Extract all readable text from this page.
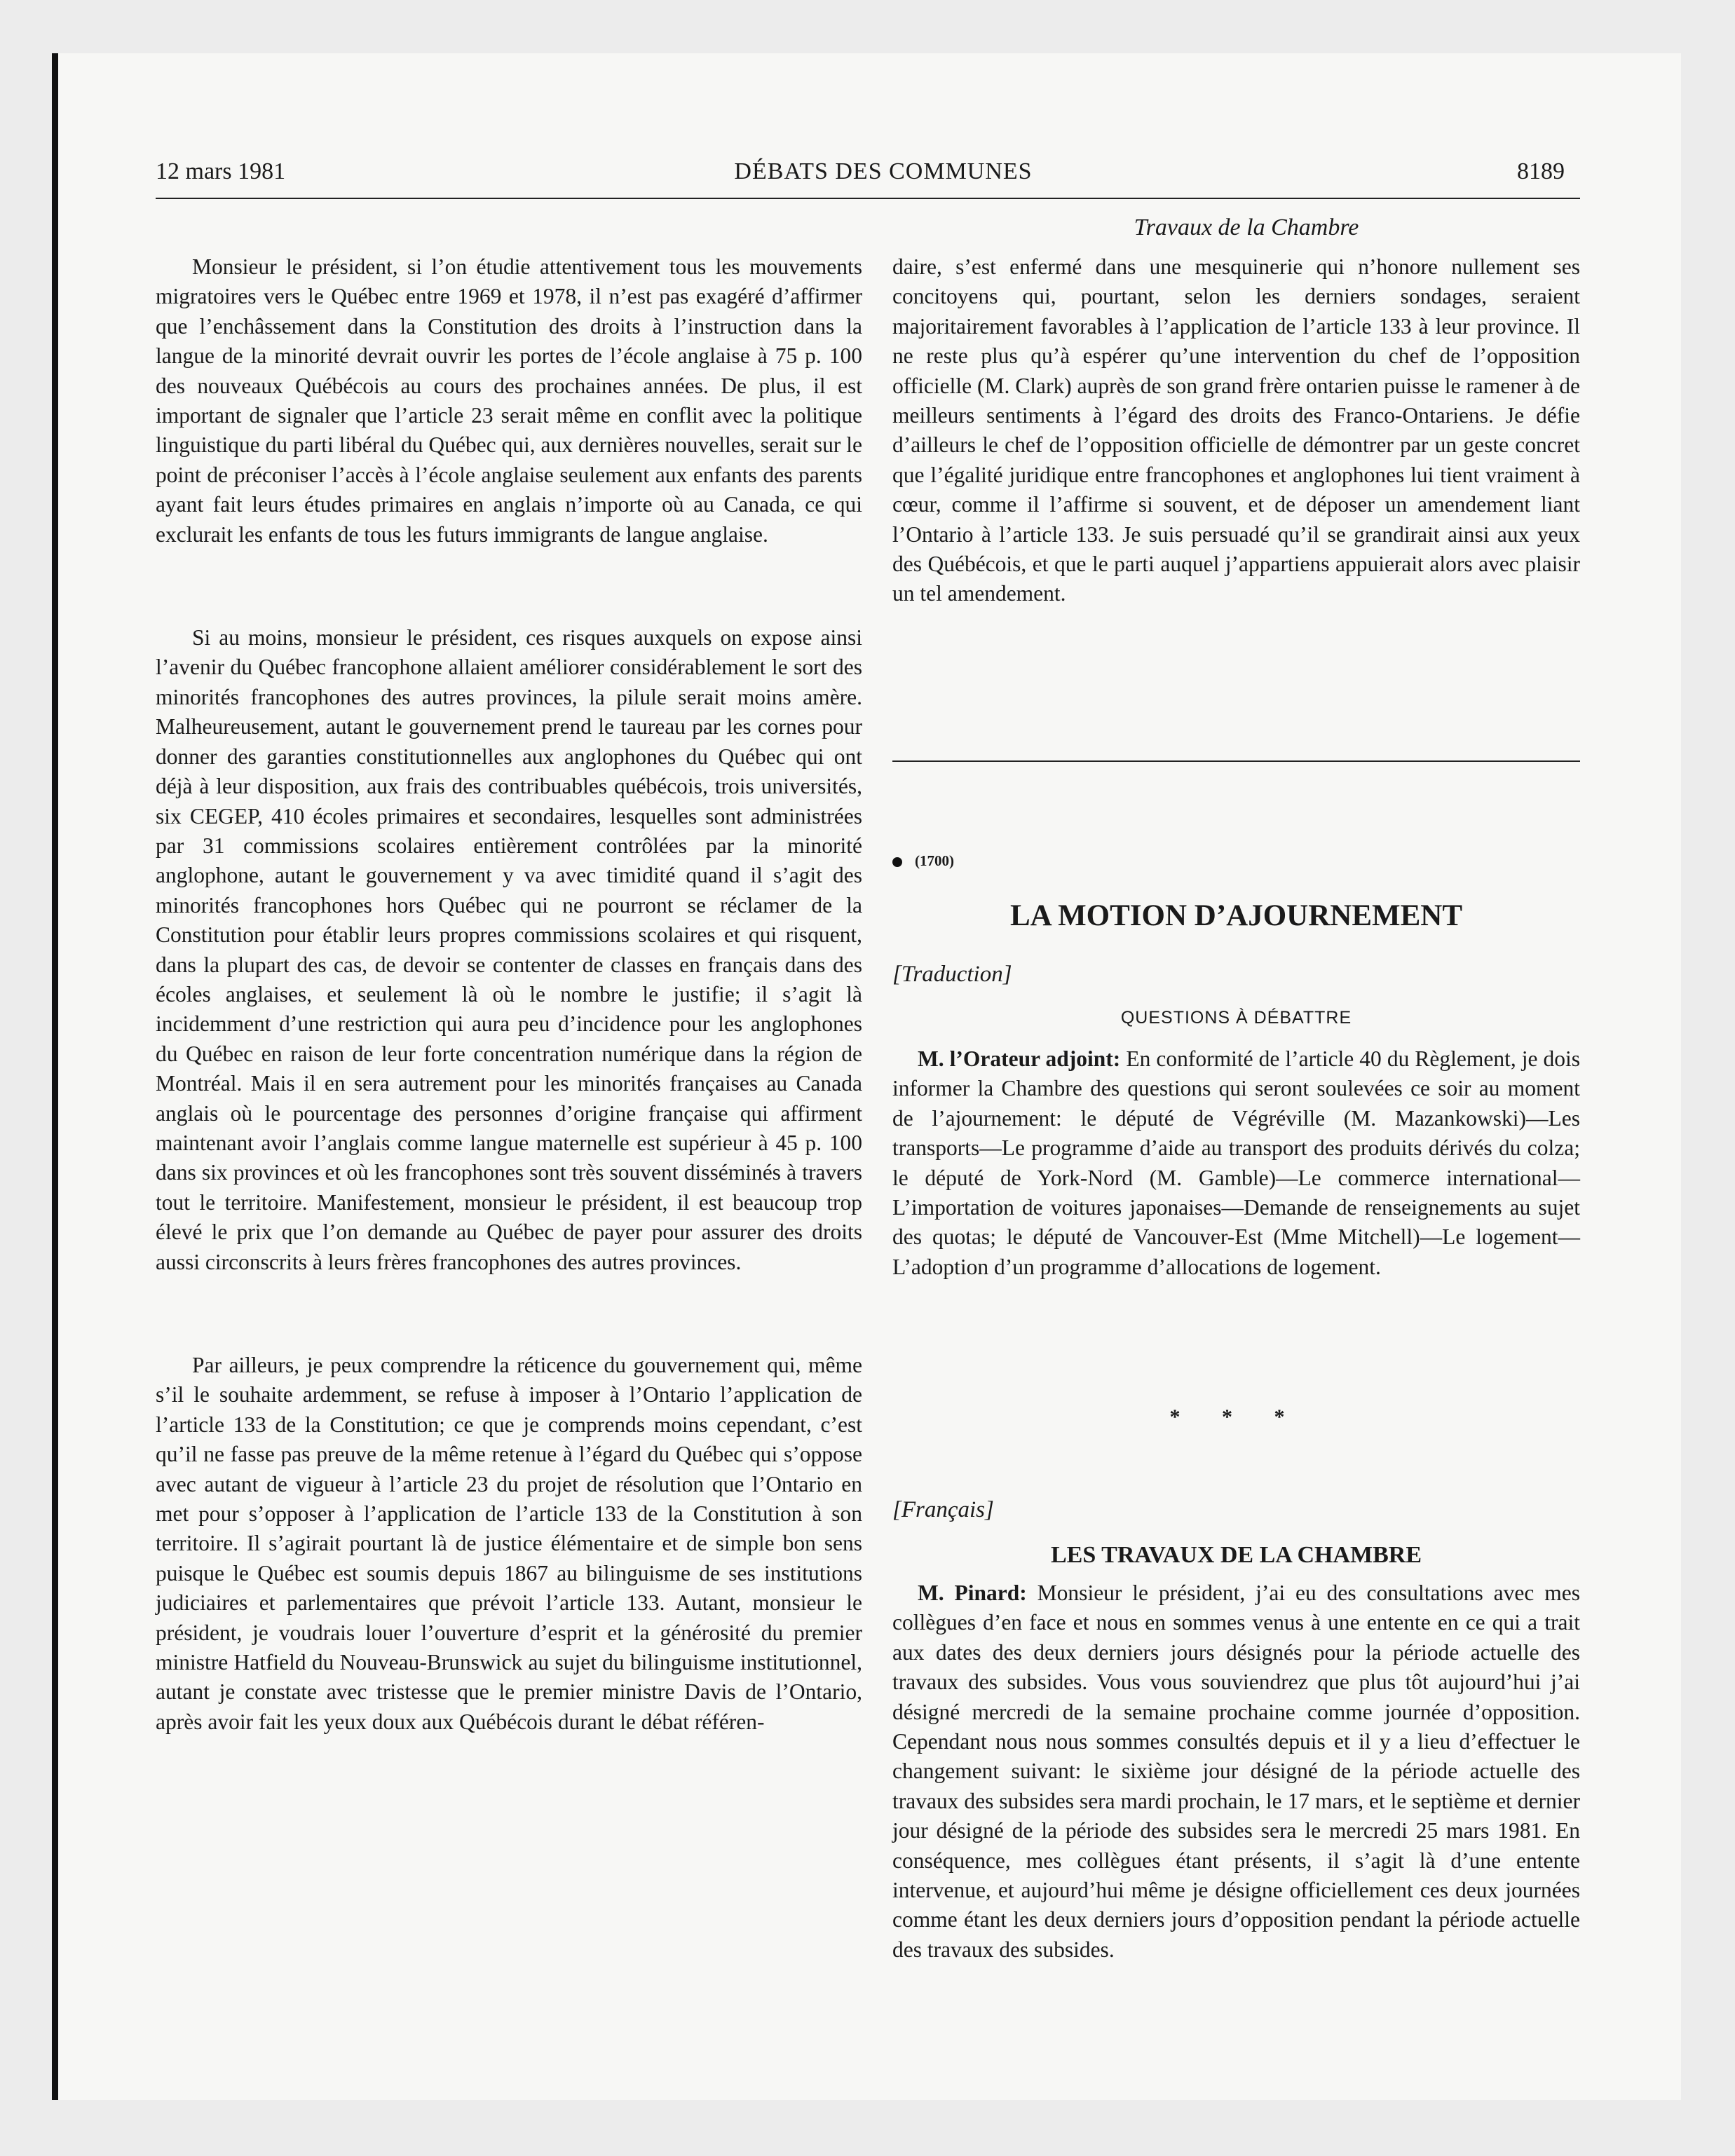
12 mars 1981	DÉBATS DES COMMUNES	8189
Travaux de la Chambre

Monsieur le président, si l’on étudie attentivement tous les mouvements migratoires vers le Québec entre 1969 et 1978, il n’est pas exagéré d’affirmer que l’enchâssement dans la Constitution des droits à l’instruction dans la langue de la minorité devrait ouvrir les portes de l’école anglaise à 75 p. 100 des nouveaux Québécois au cours des prochaines années. De plus, il est important de signaler que l’article 23 serait même en conflit avec la politique linguistique du parti libéral du Québec qui, aux dernières nouvelles, serait sur le point de préconiser l’accès à l’école anglaise seulement aux enfants des parents ayant fait leurs études primaires en anglais n’importe où au Canada, ce qui exclurait les enfants de tous les futurs immigrants de langue anglaise.

Si au moins, monsieur le président, ces risques auxquels on expose ainsi l’avenir du Québec francophone allaient améliorer considérablement le sort des minorités francophones des autres provinces, la pilule serait moins amère. Malheureusement, autant le gouvernement prend le taureau par les cornes pour donner des garanties constitutionnelles aux anglophones du Québec qui ont déjà à leur disposition, aux frais des contribuables québécois, trois universités, six CEGEP, 410 écoles primaires et secondaires, lesquelles sont administrées par 31 commissions scolaires entièrement contrôlées par la minorité anglophone, autant le gouvernement y va avec timidité quand il s’agit des minorités francophones hors Québec qui ne pourront se réclamer de la Constitution pour établir leurs propres commissions scolaires et qui risquent, dans la plupart des cas, de devoir se contenter de classes en français dans des écoles anglaises, et seulement là où le nombre le justifie; il s’agit là incidemment d’une restriction qui aura peu d’incidence pour les anglophones du Québec en raison de leur forte concentration numérique dans la région de Montréal. Mais il en sera autrement pour les minorités françaises au Canada anglais où le pourcentage des personnes d’origine française qui affirment maintenant avoir l’anglais comme langue maternelle est supérieur à 45 p. 100 dans six provinces et où les francophones sont très souvent disséminés à travers tout le territoire. Manifestement, monsieur le président, il est beaucoup trop élevé le prix que l’on demande au Québec de payer pour assurer des droits aussi circonscrits à leurs frères francophones des autres provinces.

Par ailleurs, je peux comprendre la réticence du gouvernement qui, même s’il le souhaite ardemment, se refuse à imposer à l’Ontario l’application de l’article 133 de la Constitution; ce que je comprends moins cependant, c’est qu’il ne fasse pas preuve de la même retenue à l’égard du Québec qui s’oppose avec autant de vigueur à l’article 23 du projet de résolution que l’Ontario en met pour s’opposer à l’application de l’article 133 de la Constitution à son territoire. Il s’agirait pourtant là de justice élémentaire et de simple bon sens puisque le Québec est soumis depuis 1867 au bilinguisme de ses institutions judiciaires et parlementaires que prévoit l’article 133. Autant, monsieur le président, je voudrais louer l’ouverture d’esprit et la générosité du premier ministre Hatfield du Nouveau-Brunswick au sujet du bilinguisme institutionnel, autant je constate avec tristesse que le premier ministre Davis de l’Ontario, après avoir fait les yeux doux aux Québécois durant le débat référen-

daire, s’est enfermé dans une mesquinerie qui n’honore nullement ses concitoyens qui, pourtant, selon les derniers sondages, seraient majoritairement favorables à l’application de l’article 133 à leur province. Il ne reste plus qu’à espérer qu’une intervention du chef de l’opposition officielle (M. Clark) auprès de son grand frère ontarien puisse le ramener à de meilleurs sentiments à l’égard des droits des Franco-Ontariens. Je défie d’ailleurs le chef de l’opposition officielle de démontrer par un geste concret que l’égalité juridique entre francophones et anglophones lui tient vraiment à cœur, comme il l’affirme si souvent, et de déposer un amendement liant l’Ontario à l’article 133. Je suis persuadé qu’il se grandirait ainsi aux yeux des Québécois, et que le parti auquel j’appartiens appuierait alors avec plaisir un tel amendement.

(1700)
LA MOTION D’AJOURNEMENT
[Traduction]
QUESTIONS À DÉBATTRE

M. l’Orateur adjoint: En conformité de l’article 40 du Règlement, je dois informer la Chambre des questions qui seront soulevées ce soir au moment de l’ajournement: le député de Végréville (M. Mazankowski)—Les transports—Le programme d’aide au transport des produits dérivés du colza; le député de York-Nord (M. Gamble)—Le commerce international—L’importation de voitures japonaises—Demande de renseignements au sujet des quotas; le député de Vancouver-Est (Mme Mitchell)—Le logement—L’adoption d’un programme d’allocations de logement.

* * *
[Français]
LES TRAVAUX DE LA CHAMBRE

M. Pinard: Monsieur le président, j’ai eu des consultations avec mes collègues d’en face et nous en sommes venus à une entente en ce qui a trait aux dates des deux derniers jours désignés pour la période actuelle des travaux des subsides. Vous vous souviendrez que plus tôt aujourd’hui j’ai désigné mercredi de la semaine prochaine comme journée d’opposition. Cependant nous nous sommes consultés depuis et il y a lieu d’effectuer le changement suivant: le sixième jour désigné de la période actuelle des travaux des subsides sera mardi prochain, le 17 mars, et le septième et dernier jour désigné de la période des subsides sera le mercredi 25 mars 1981. En conséquence, mes collègues étant présents, il s’agit là d’une entente intervenue, et aujourd’hui même je désigne officiellement ces deux journées comme étant les deux derniers jours d’opposition pendant la période actuelle des travaux des subsides.
